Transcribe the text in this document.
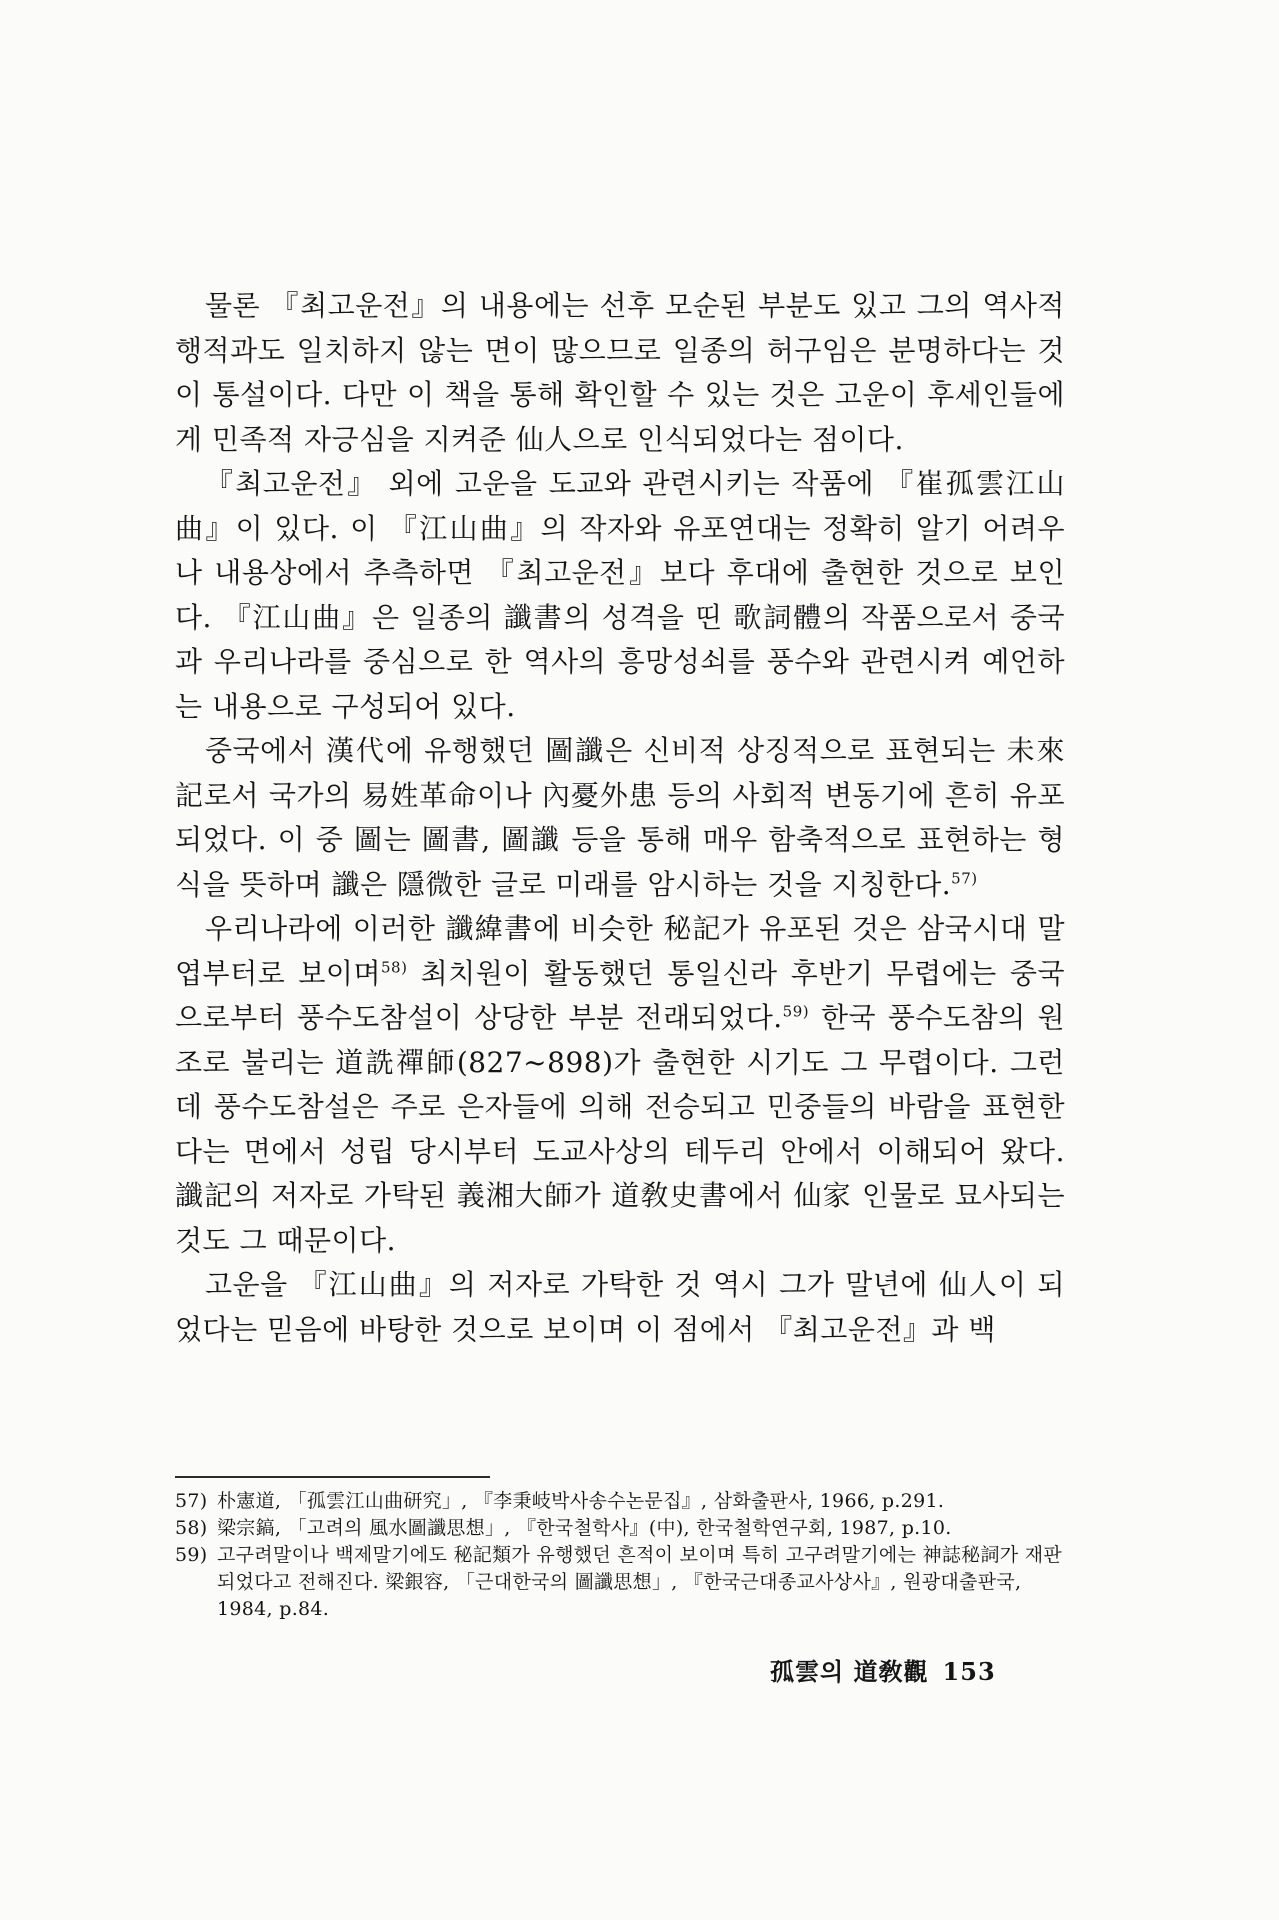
물론 『최고운전』의 내용에는 선후 모순된 부분도 있고 그의 역사적 행적과도 일치하지 않는 면이 많으므로 일종의 허구임은 분명하다는 것이 통설이다. 다만 이 책을 통해 확인할 수 있는 것은 고운이 후세인들에게 민족적 자긍심을 지켜준 仙人으로 인식되었다는 점이다.

『최고운전』 외에 고운을 도교와 관련시키는 작품에 『崔孤雲江山曲』이 있다. 이 『江山曲』의 작자와 유포연대는 정확히 알기 어려우나 내용상에서 추측하면 『최고운전』보다 후대에 출현한 것으로 보인다. 『江山曲』은 일종의 讖書의 성격을 띤 歌詞體의 작품으로서 중국과 우리나라를 중심으로 한 역사의 흥망성쇠를 풍수와 관련시켜 예언하는 내용으로 구성되어 있다.

중국에서 漢代에 유행했던 圖讖은 신비적 상징적으로 표현되는 未來記로서 국가의 易姓革命이나 內憂外患 등의 사회적 변동기에 흔히 유포되었다. 이 중 圖는 圖書, 圖讖 등을 통해 매우 함축적으로 표현하는 형식을 뜻하며 讖은 隱微한 글로 미래를 암시하는 것을 지칭한다.$^{57)}$

우리나라에 이러한 讖緯書에 비슷한 秘記가 유포된 것은 삼국시대 말엽부터로 보이며$^{58)}$ 최치원이 활동했던 통일신라 후반기 무렵에는 중국으로부터 풍수도참설이 상당한 부분 전래되었다.$^{59)}$ 한국 풍수도참의 원조로 불리는 道詵禪師(827~898)가 출현한 시기도 그 무렵이다. 그런데 풍수도참설은 주로 은자들에 의해 전승되고 민중들의 바람을 표현한다는 면에서 성립 당시부터 도교사상의 테두리 안에서 이해되어 왔다. 讖記의 저자로 가탁된 義湘大師가 道敎史書에서 仙家 인물로 묘사되는 것도 그 때문이다.

고운을 『江山曲』의 저자로 가탁한 것 역시 그가 말년에 仙人이 되었다는 믿음에 바탕한 것으로 보이며 이 점에서 『최고운전』과 백

57) 朴憲道, 「孤雲江山曲研究」, 『李秉岐박사송수논문집』, 삼화출판사, 1966, p.291.
58) 梁宗鎬, 「고려의 風水圖讖思想」, 『한국철학사』(中), 한국철학연구회, 1987, p.10.
59) 고구려말이나 백제말기에도 秘記類가 유행했던 흔적이 보이며 특히 고구려말기에는 神誌秘詞가 재판되었다고 전해진다. 梁銀容, 「근대한국의 圖讖思想」, 『한국근대종교사상사』, 원광대출판국, 1984, p.84.
孤雲의 道敎觀 153
